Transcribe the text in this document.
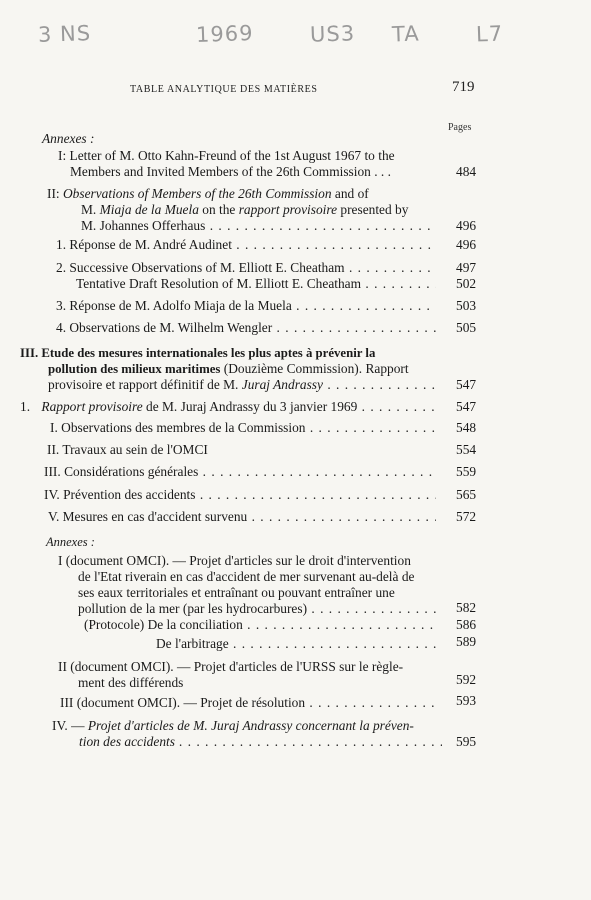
3 NS	1969	US3 TA	L7
TABLE ANALYTIQUE DES MATIÈRES	719
Pages
Annexes :
I: Letter of M. Otto Kahn-Freund of the 1st August 1967 to the
Members and Invited Members of the 26th Commission . . .	484
II: Observations of Members of the 26th Commission and of
M. Miaja de la Muela on the rapport provisoire presented by
M. Johannes Offerhaus . .	496
1. Réponse de M. André Audinet . .	496
2. Successive Observations of M. Elliott E. Cheatham . .	497
Tentative Draft Resolution of M. Elliott E. Cheatham . .	502
3. Réponse de M. Adolfo Miaja de la Muela . .	503
4. Observations de M. Wilhelm Wengler . .	505
III. Etude des mesures internationales les plus aptes à prévenir la
pollution des milieux maritimes (Douzième Commission). Rapport
provisoire et rapport définitif de M. Juraj Andrassy . .	547
1. Rapport provisoire de M. Juraj Andrassy du 3 janvier 1969 . .	547
I. Observations des membres de la Commission . .	548
II. Travaux au sein de l'OMCI	554
III. Considérations générales . .	559
IV. Prévention des accidents . .	565
V. Mesures en cas d'accident survenu . .	572
Annexes :
I (document OMCI). — Projet d'articles sur le droit d'intervention
de l'Etat riverain en cas d'accident de mer survenant au-delà de
ses eaux territoriales et entraînant ou pouvant entraîner une
pollution de la mer (par les hydrocarbures) . .	582
(Protocole) De la conciliation . .	586
De l'arbitrage . .	589
II (document OMCI). — Projet d'articles de l'URSS sur le règle-
ment des différends	592
III (document OMCI). — Projet de résolution . .	593
IV. — Projet d'articles de M. Juraj Andrassy concernant la préven-
tion des accidents . .	595
